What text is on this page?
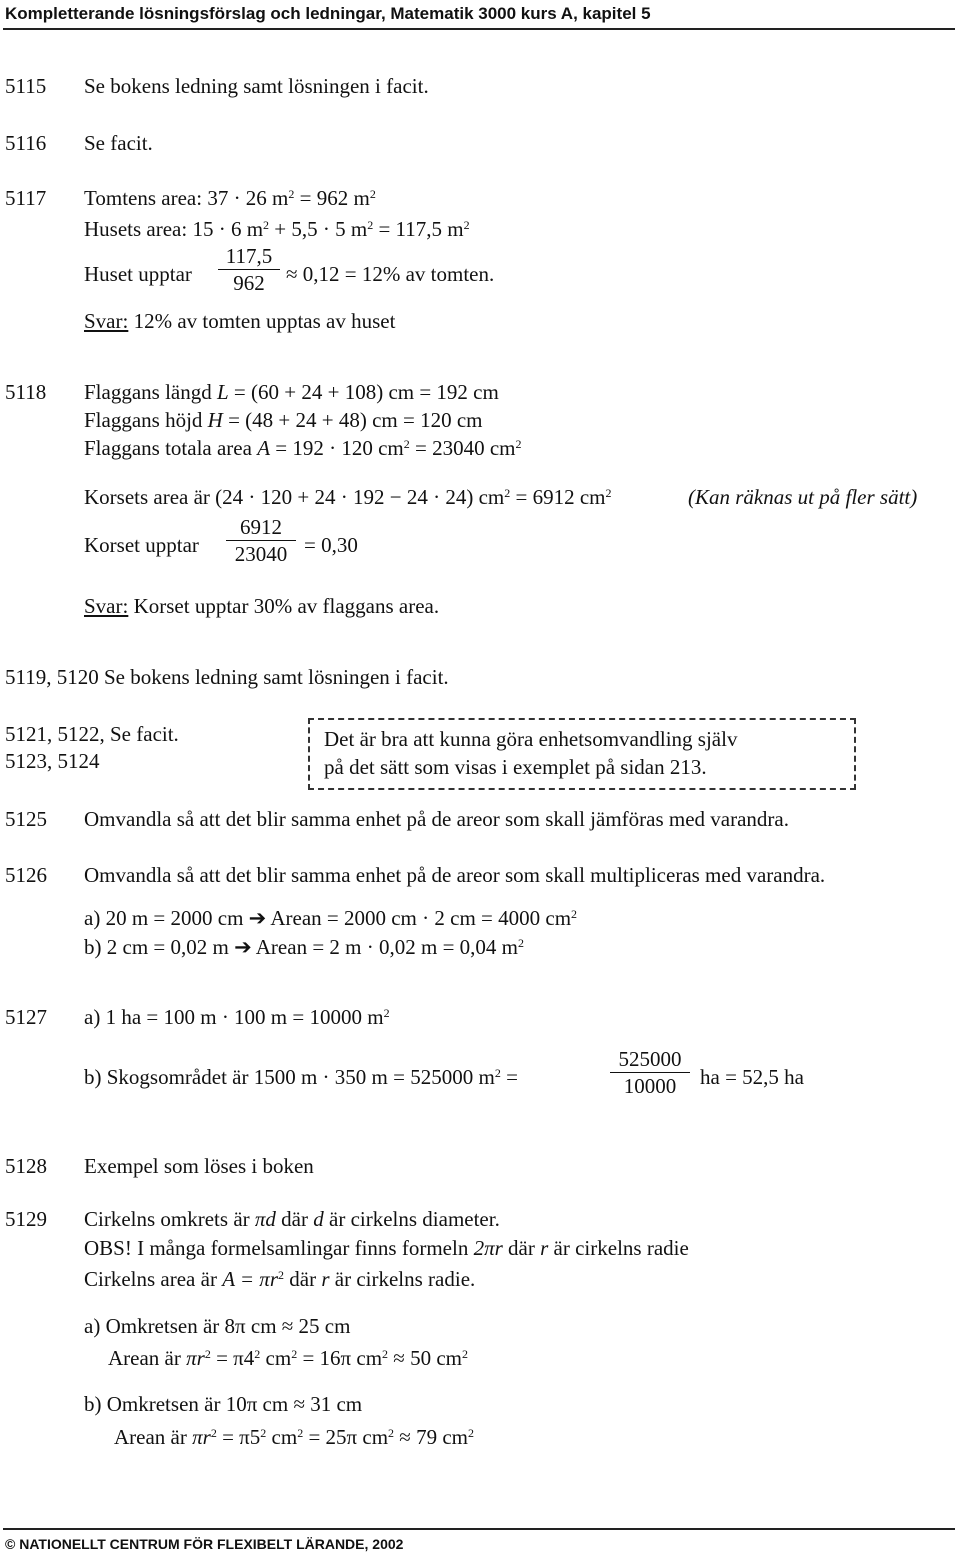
Kompletterande lösningsförslag och ledningar, Matematik 3000 kurs A, kapitel 5
5115 Se bokens ledning samt lösningen i facit.
5116 Se facit.
5117 Tomtens area: 37 · 26 $m^2 = 962$ $m^2$
Husets area: 15 · 6 $m^2 + 5,5 \cdot 5$ $m^2 = 117,5$ $m^2$
Huset upptar
117,5
962	≈ 0,12 = 12% av tomten.
Svar: 12% av tomten upptas av huset
5118 Flaggans längd L = (60 + 24 + 108) cm = 192 cm
Flaggans höjd H = (48 + 24 + 48) cm = 120 cm
Flaggans totala area A = 192 · 120 $cm^2 = 23040$ $cm^2$
Korsets area är (24 · 120 + 24 · 192 − 24 · 24) $cm^2 = 6912$ $cm^2$	(Kan räknas ut på fler sätt)
Korset upptar
6912
23040 = 0,30
Svar: Korset upptar 30% av flaggans area.
5119, 5120 Se bokens ledning samt lösningen i facit.
5121, 5122, Se facit.
5123, 5124
Det är bra att kunna göra enhetsomvandling själv
på det sätt som visas i exemplet på sidan 213.
5125 Omvandla så att det blir samma enhet på de areor som skall jämföras med varandra.
5126 Omvandla så att det blir samma enhet på de areor som skall multipliceras med varandra.
a) 20 m = 2000 cm ➔ Arean = 2000 cm · 2 cm = 4000 $cm^2$
b) 2 cm = 0,02 m ➔ Arean = 2 m · 0,02 m = 0,04 $m^2$
5127 a) 1 ha = 100 m · 100 m = 10000 $m^2$
b) Skogsområdet är 1500 m · 350 m = 525000 $m^2$ =
525000
10000	ha = 52,5 ha
5128 Exempel som löses i boken
5129 Cirkelns omkrets är πd där d är cirkelns diameter.
OBS! I många formelsamlingar finns formeln 2πr där r är cirkelns radie
Cirkelns area är $A = \pi r^2$ där r är cirkelns radie.
a) Omkretsen är 8π cm ≈ 25 cm
Arean är $\pi r^2 = \pi 4^2$ $cm^2 = 16\pi$ $cm^2 \approx 50$ $cm^2$
b) Omkretsen är 10π cm ≈ 31 cm
Arean är $\pi r^2 = \pi 5^2$ $cm^2 = 25\pi$ $cm^2 \approx 79$ $cm^2$
© NATIONELLT CENTRUM FÖR FLEXIBELT LÄRANDE, 2002
